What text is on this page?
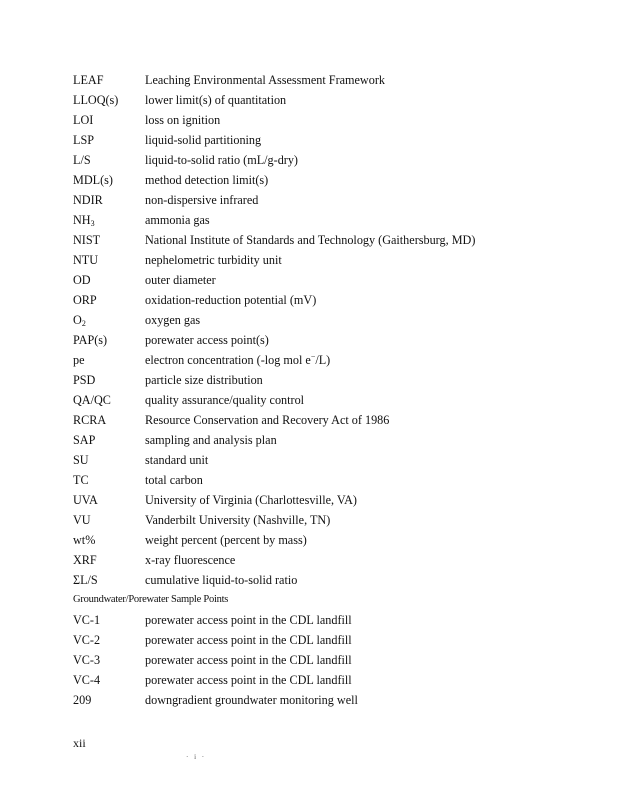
LEAF	Leaching Environmental Assessment Framework
LLOQ(s)	lower limit(s) of quantitation
LOI	loss on ignition
LSP	liquid-solid partitioning
L/S	liquid-to-solid ratio (mL/g-dry)
MDL(s)	method detection limit(s)
NDIR	non-dispersive infrared
$NH_3$	ammonia gas
NIST	National Institute of Standards and Technology (Gaithersburg, MD)
NTU	nephelometric turbidity unit
OD	outer diameter
ORP	oxidation-reduction potential (mV)
$O_2$	oxygen gas
PAP(s)	porewater access point(s)
pe	electron concentration (-log mol e−/L)
PSD	particle size distribution
QA/QC	quality assurance/quality control
RCRA	Resource Conservation and Recovery Act of 1986
SAP	sampling and analysis plan
SU	standard unit
TC	total carbon
UVA	University of Virginia (Charlottesville, VA)
VU	Vanderbilt University (Nashville, TN)
wt%	weight percent (percent by mass)
XRF	x-ray fluorescence
ΣL/S	cumulative liquid-to-solid ratio
Groundwater/Porewater Sample Points
VC-1	porewater access point in the CDL landfill
VC-2	porewater access point in the CDL landfill
VC-3	porewater access point in the CDL landfill
VC-4	porewater access point in the CDL landfill
209	downgradient groundwater monitoring well
xii
· i ·
